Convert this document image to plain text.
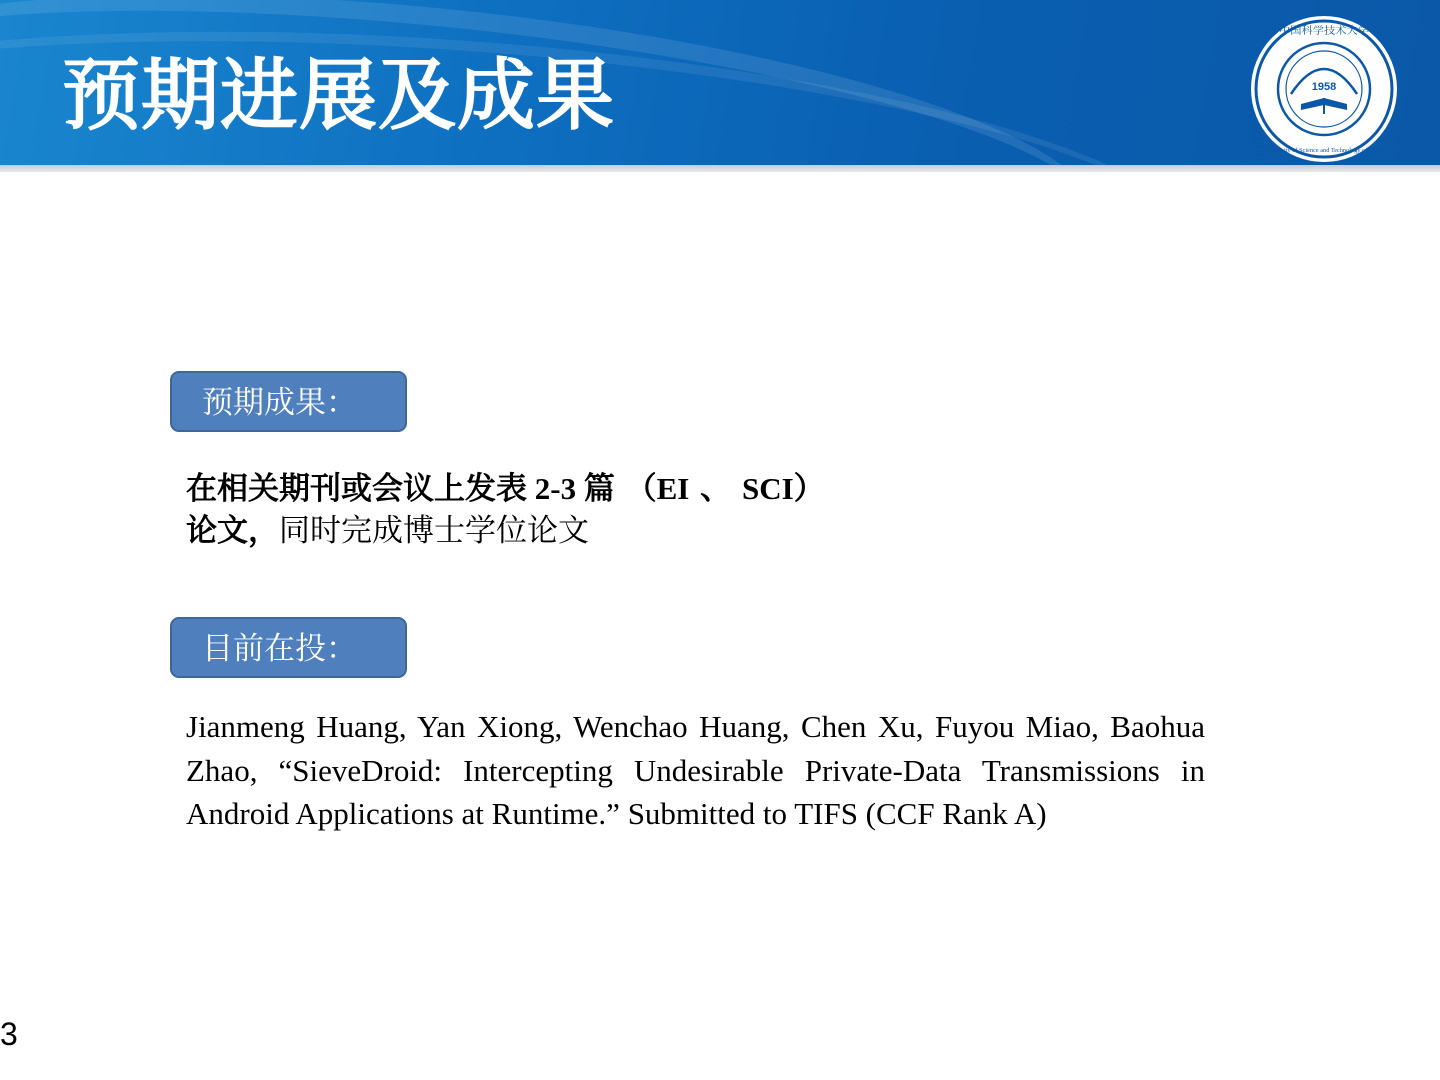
预期进展及成果	1958
中国科学技术大学
University of Science and Technology of China
预期成果：
在相关期刊或会议上发表 2-3 篇 （EI 、 SCI）
论文，同时完成博士学位论文
目前在投：
Jianmeng Huang, Yan Xiong, Wenchao Huang, Chen Xu, Fuyou Miao, Baohua Zhao, “SieveDroid: Intercepting Undesirable Private-Data Transmissions in Android Applications at Runtime.” Submitted to TIFS (CCF Rank A)
3
